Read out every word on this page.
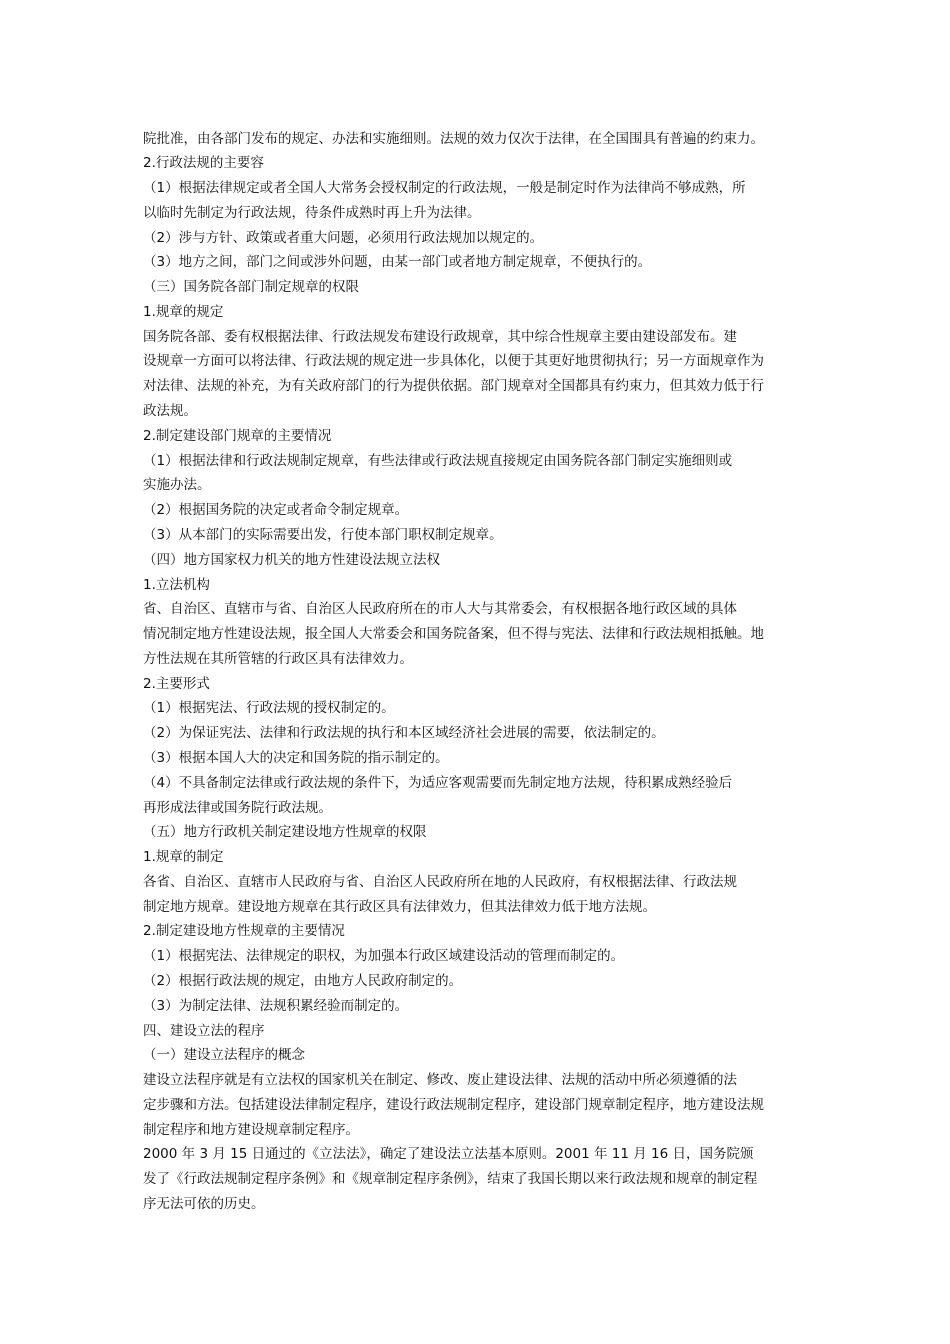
院批准，由各部门发布的规定、办法和实施细则。法规的效力仅次于法律，在全国围具有普遍的约束力。
2.行政法规的主要容
（1）根据法律规定或者全国人大常务会授权制定的行政法规，一般是制定时作为法律尚不够成熟，所
以临时先制定为行政法规，待条件成熟时再上升为法律。
（2）涉与方针、政策或者重大问题，必须用行政法规加以规定的。
（3）地方之间，部门之间或涉外问题，由某一部门或者地方制定规章，不便执行的。
（三）国务院各部门制定规章的权限
1.规章的规定
国务院各部、委有权根据法律、行政法规发布建设行政规章，其中综合性规章主要由建设部发布。建
设规章一方面可以将法律、行政法规的规定进一步具体化，以便于其更好地贯彻执行；另一方面规章作为
对法律、法规的补充，为有关政府部门的行为提供依据。部门规章对全国都具有约束力，但其效力低于行
政法规。
2.制定建设部门规章的主要情况
（1）根据法律和行政法规制定规章，有些法律或行政法规直接规定由国务院各部门制定实施细则或
实施办法。
（2）根据国务院的决定或者命令制定规章。
（3）从本部门的实际需要出发，行使本部门职权制定规章。
（四）地方国家权力机关的地方性建设法规立法权
1.立法机构
省、自治区、直辖市与省、自治区人民政府所在的市人大与其常委会，有权根据各地行政区域的具体
情况制定地方性建设法规，报全国人大常委会和国务院备案，但不得与宪法、法律和行政法规相抵触。地
方性法规在其所管辖的行政区具有法律效力。
2.主要形式
（1）根据宪法、行政法规的授权制定的。
（2）为保证宪法、法律和行政法规的执行和本区域经济社会进展的需要，依法制定的。
（3）根据本国人大的决定和国务院的指示制定的。
（4）不具备制定法律或行政法规的条件下，为适应客观需要而先制定地方法规，待积累成熟经验后
再形成法律或国务院行政法规。
（五）地方行政机关制定建设地方性规章的权限
1.规章的制定
各省、自治区、直辖市人民政府与省、自治区人民政府所在地的人民政府，有权根据法律、行政法规
制定地方规章。建设地方规章在其行政区具有法律效力，但其法律效力低于地方法规。
2.制定建设地方性规章的主要情况
（1）根据宪法、法律规定的职权，为加强本行政区域建设活动的管理而制定的。
（2）根据行政法规的规定，由地方人民政府制定的。
（3）为制定法律、法规积累经验而制定的。
四、建设立法的程序
（一）建设立法程序的概念
建设立法程序就是有立法权的国家机关在制定、修改、废止建设法律、法规的活动中所必须遵循的法
定步骤和方法。包括建设法律制定程序，建设行政法规制定程序，建设部门规章制定程序，地方建设法规
制定程序和地方建设规章制定程序。
2000 年 3 月 15 日通过的《立法法》，确定了建设法立法基本原则。2001 年 11 月 16 日，国务院颁
发了《行政法规制定程序条例》和《规章制定程序条例》，结束了我国长期以来行政法规和规章的制定程
序无法可依的历史。
